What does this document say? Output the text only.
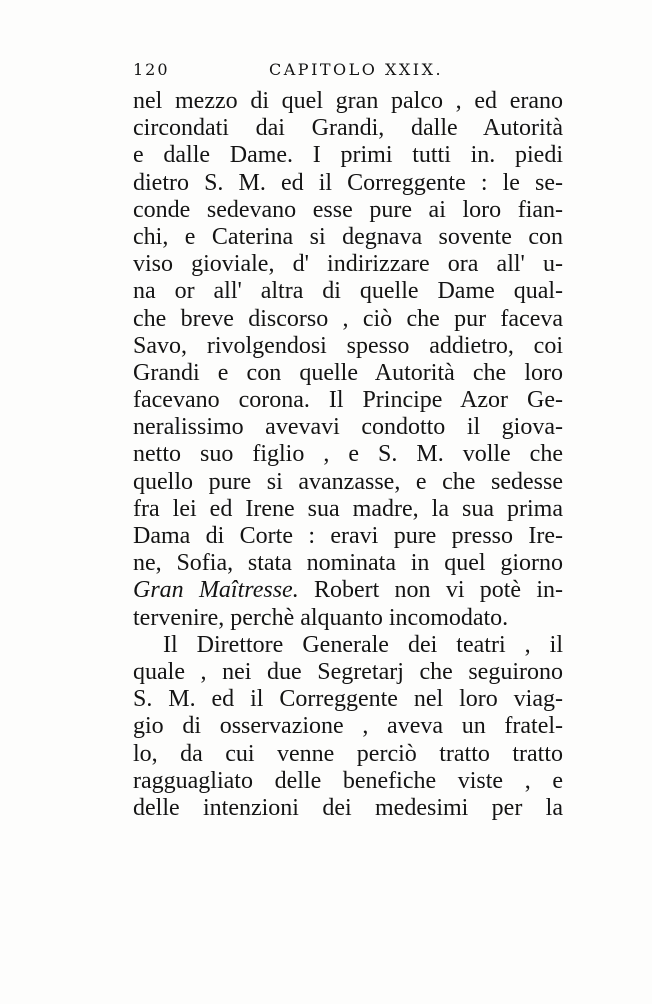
120	CAPITOLO XXIX.
nel mezzo di quel gran palco , ed erano
circondati dai Grandi, dalle Autorità
e dalle Dame. I primi tutti in. piedi
dietro S. M. ed il Correggente : le se-
conde sedevano esse pure ai loro fian-
chi, e Caterina si degnava sovente con
viso gioviale, d' indirizzare ora all' u-
na or all' altra di quelle Dame qual-
che breve discorso , ciò che pur faceva
Savo, rivolgendosi spesso addietro, coi
Grandi e con quelle Autorità che loro
facevano corona. Il Principe Azor Ge-
neralissimo avevavi condotto il giova-
netto suo figlio , e S. M. volle che
quello pure si avanzasse, e che sedesse
fra lei ed Irene sua madre, la sua prima
Dama di Corte : eravi pure presso Ire-
ne, Sofia, stata nominata in quel giorno
Gran Maîtresse. Robert non vi potè in-
tervenire, perchè alquanto incomodato.
Il Direttore Generale dei teatri , il
quale , nei due Segretarj che seguirono
S. M. ed il Correggente nel loro viag-
gio di osservazione , aveva un fratel-
lo, da cui venne perciò tratto tratto
ragguagliato delle benefiche viste , e
delle intenzioni dei medesimi per la
